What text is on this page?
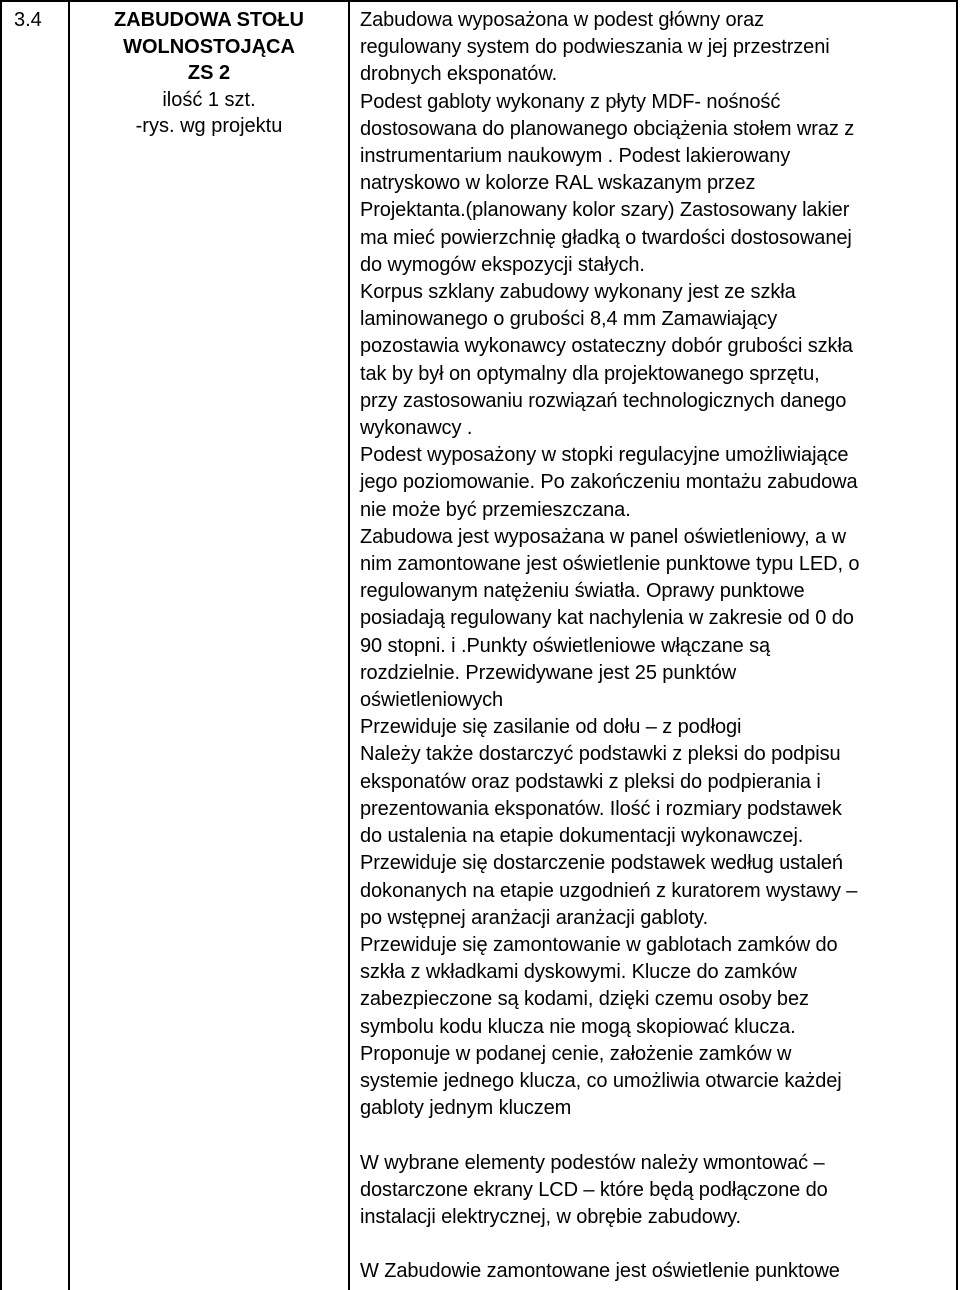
3.4	ZABUDOWA STOŁU
WOLNOSTOJĄCA
ZS 2
ilość 1 szt.
-rys. wg projektu
Zabudowa wyposażona w podest główny oraz
regulowany system do podwieszania w jej przestrzeni
drobnych eksponatów.
Podest gabloty wykonany z płyty MDF- nośność
dostosowana do planowanego obciążenia stołem wraz z
instrumentarium naukowym . Podest lakierowany
natryskowo w kolorze RAL wskazanym przez
Projektanta.(planowany kolor szary) Zastosowany lakier
ma mieć powierzchnię gładką o twardości dostosowanej
do wymogów ekspozycji stałych.
Korpus szklany zabudowy wykonany jest ze szkła
laminowanego o grubości 8,4 mm Zamawiający
pozostawia wykonawcy ostateczny dobór grubości szkła
tak by był on optymalny dla projektowanego sprzętu,
przy zastosowaniu rozwiązań technologicznych danego
wykonawcy .
Podest wyposażony w stopki regulacyjne umożliwiające
jego poziomowanie. Po zakończeniu montażu zabudowa
nie może być przemieszczana.
Zabudowa jest wyposażana w panel oświetleniowy, a w
nim zamontowane jest oświetlenie punktowe typu LED, o
regulowanym natężeniu światła. Oprawy punktowe
posiadają regulowany kat nachylenia w zakresie od 0 do
90 stopni. i .Punkty oświetleniowe włączane są
rozdzielnie. Przewidywane jest 25 punktów
oświetleniowych
Przewiduje się zasilanie od dołu – z podłogi
Należy także dostarczyć podstawki z pleksi do podpisu
eksponatów oraz podstawki z pleksi do podpierania i
prezentowania eksponatów. Ilość i rozmiary podstawek
do ustalenia na etapie dokumentacji wykonawczej.
Przewiduje się dostarczenie podstawek według ustaleń
dokonanych na etapie uzgodnień z kuratorem wystawy –
po wstępnej aranżacji aranżacji gabloty.
Przewiduje się zamontowanie w gablotach zamków do
szkła z wkładkami dyskowymi. Klucze do zamków
zabezpieczone są kodami, dzięki czemu osoby bez
symbolu kodu klucza nie mogą skopiować klucza.
Proponuje w podanej cenie, założenie zamków w
systemie jednego klucza, co umożliwia otwarcie każdej
gabloty jednym kluczem
W wybrane elementy podestów należy wmontować –
dostarczone ekrany LCD – które będą podłączone do
instalacji elektrycznej, w obrębie zabudowy.
W Zabudowie zamontowane jest oświetlenie punktowe
